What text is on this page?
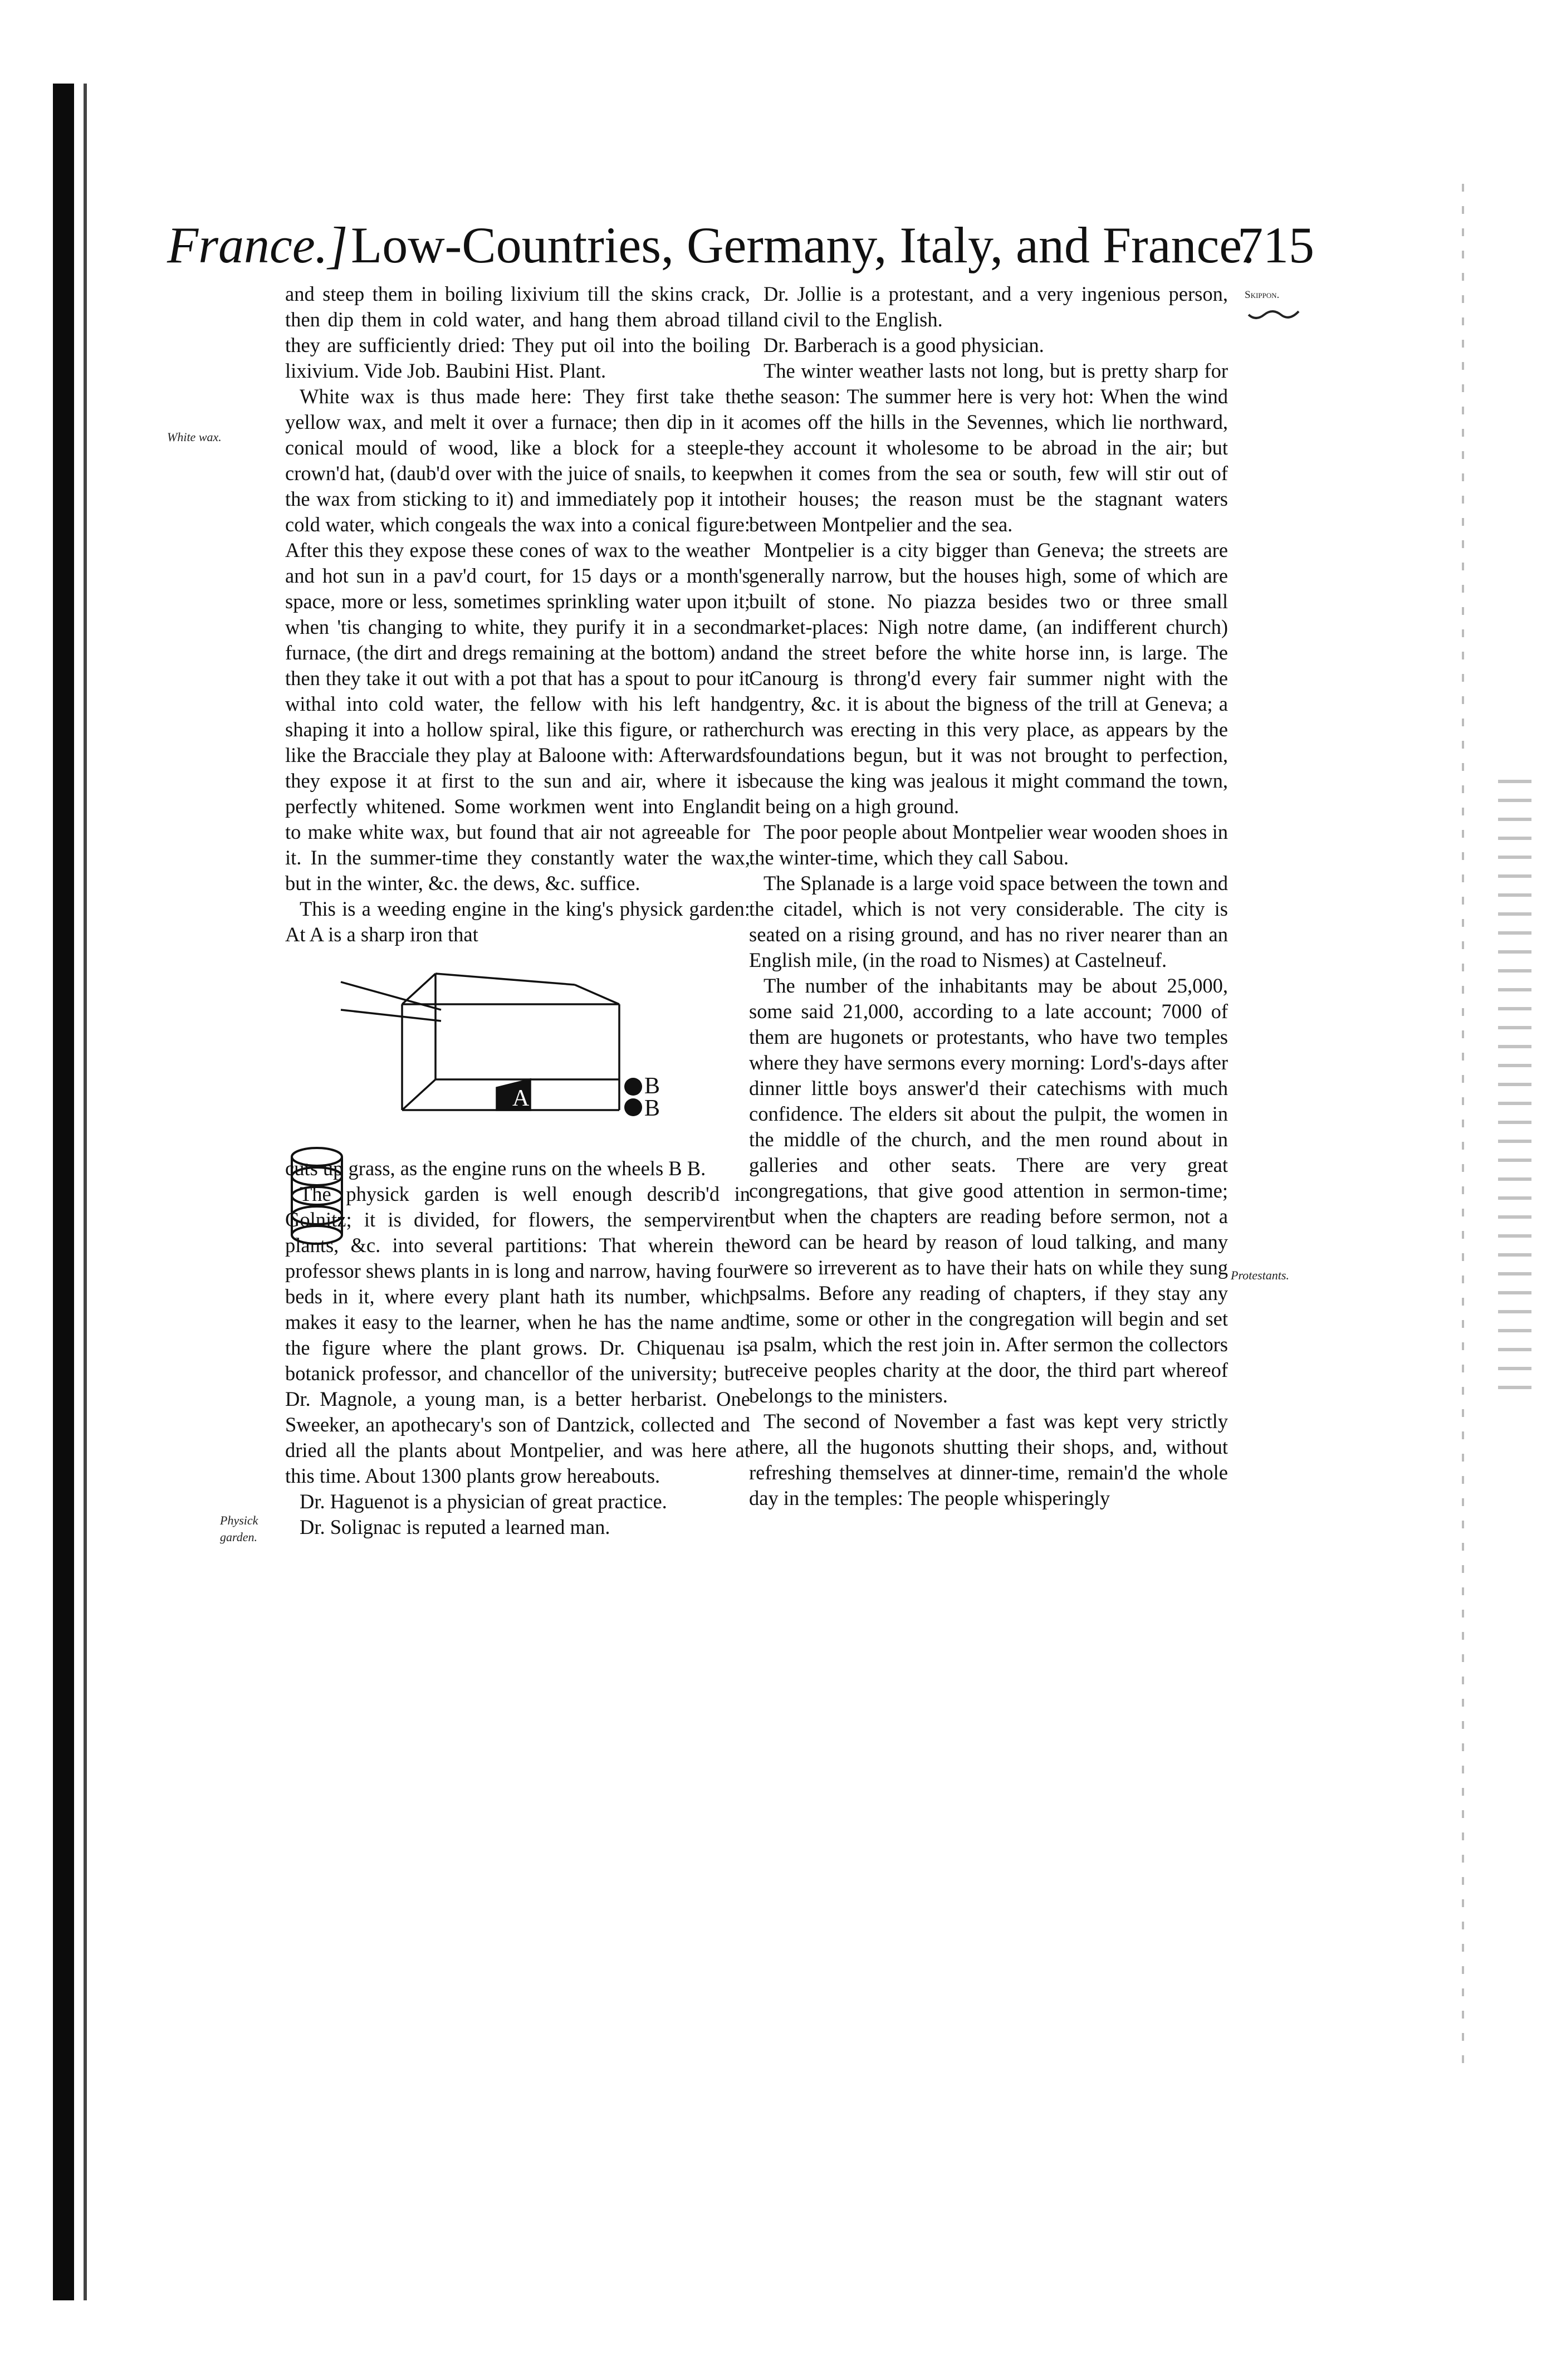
France.] Low-Countries, Germany, Italy, and France.
715
White wax.
Physick garden.
Skippon.
Protestants.

and steep them in boiling lixivium till the skins crack, then dip them in cold water, and hang them abroad till they are sufficiently dried: They put oil into the boiling lixivium. Vide Job. Baubini Hist. Plant.

White wax is thus made here: They first take the yellow wax, and melt it over a furnace; then dip in it a conical mould of wood, like a block for a steeple-crown'd hat, (daub'd over with the juice of snails, to keep the wax from sticking to it) and immediately pop it into cold water, which congeals the wax into a conical figure: After this they expose these cones of wax to the weather and hot sun in a pav'd court, for 15 days or a month's space, more or less, sometimes sprinkling water upon it; when 'tis changing to white, they purify it in a second furnace, (the dirt and dregs remaining at the bottom) and then they take it out with a pot that has a spout to pour it withal into cold water, the fellow with his left hand shaping it into a hollow spiral, like this figure, or rather like the Bracciale they play at Baloone with: Afterwards they expose it at first to the sun and air, where it is perfectly whitened. Some workmen went into England to make white wax, but found that air not agreeable for it. In the summer-time they constantly water the wax, but in the winter, &c. the dews, &c. suffice.

This is a weeding engine in the king's physick garden: At A is a sharp iron that

A	B
B

cuts up grass, as the engine runs on the wheels B B.

The physick garden is well enough describ'd in Golnitz; it is divided, for flowers, the sempervirent plants, &c. into several partitions: That wherein the professor shews plants in is long and narrow, having four beds in it, where every plant hath its number, which makes it easy to the learner, when he has the name and the figure where the plant grows. Dr. Chiquenau is botanick professor, and chancellor of the university; but Dr. Magnole, a young man, is a better herbarist. One Sweeker, an apothecary's son of Dantzick, collected and dried all the plants about Montpelier, and was here at this time. About 1300 plants grow hereabouts.

Dr. Haguenot is a physician of great practice.

Dr. Solignac is reputed a learned man.

Dr. Jollie is a protestant, and a very ingenious person, and civil to the English.

Dr. Barberach is a good physician.

The winter weather lasts not long, but is pretty sharp for the season: The summer here is very hot: When the wind comes off the hills in the Sevennes, which lie northward, they account it wholesome to be abroad in the air; but when it comes from the sea or south, few will stir out of their houses; the reason must be the stagnant waters between Montpelier and the sea.

Montpelier is a city bigger than Geneva; the streets are generally narrow, but the houses high, some of which are built of stone. No piazza besides two or three small market-places: Nigh notre dame, (an indifferent church) and the street before the white horse inn, is large. The Canourg is throng'd every fair summer night with the gentry, &c. it is about the bigness of the trill at Geneva; a church was erecting in this very place, as appears by the foundations begun, but it was not brought to perfection, because the king was jealous it might command the town, it being on a high ground.

The poor people about Montpelier wear wooden shoes in the winter-time, which they call Sabou.

The Splanade is a large void space between the town and the citadel, which is not very considerable. The city is seated on a rising ground, and has no river nearer than an English mile, (in the road to Nismes) at Castelneuf.

The number of the inhabitants may be about 25,000, some said 21,000, according to a late account; 7000 of them are hugonets or protestants, who have two temples where they have sermons every morning: Lord's-days after dinner little boys answer'd their catechisms with much confidence. The elders sit about the pulpit, the women in the middle of the church, and the men round about in galleries and other seats. There are very great congregations, that give good attention in sermon-time; but when the chapters are reading before sermon, not a word can be heard by reason of loud talking, and many were so irreverent as to have their hats on while they sung psalms. Before any reading of chapters, if they stay any time, some or other in the congregation will begin and set a psalm, which the rest join in. After sermon the collectors receive peoples charity at the door, the third part whereof belongs to the ministers.

The second of November a fast was kept very strictly here, all the hugonots shutting their shops, and, without refreshing themselves at dinner-time, remain'd the whole day in the temples: The people whisperingly
